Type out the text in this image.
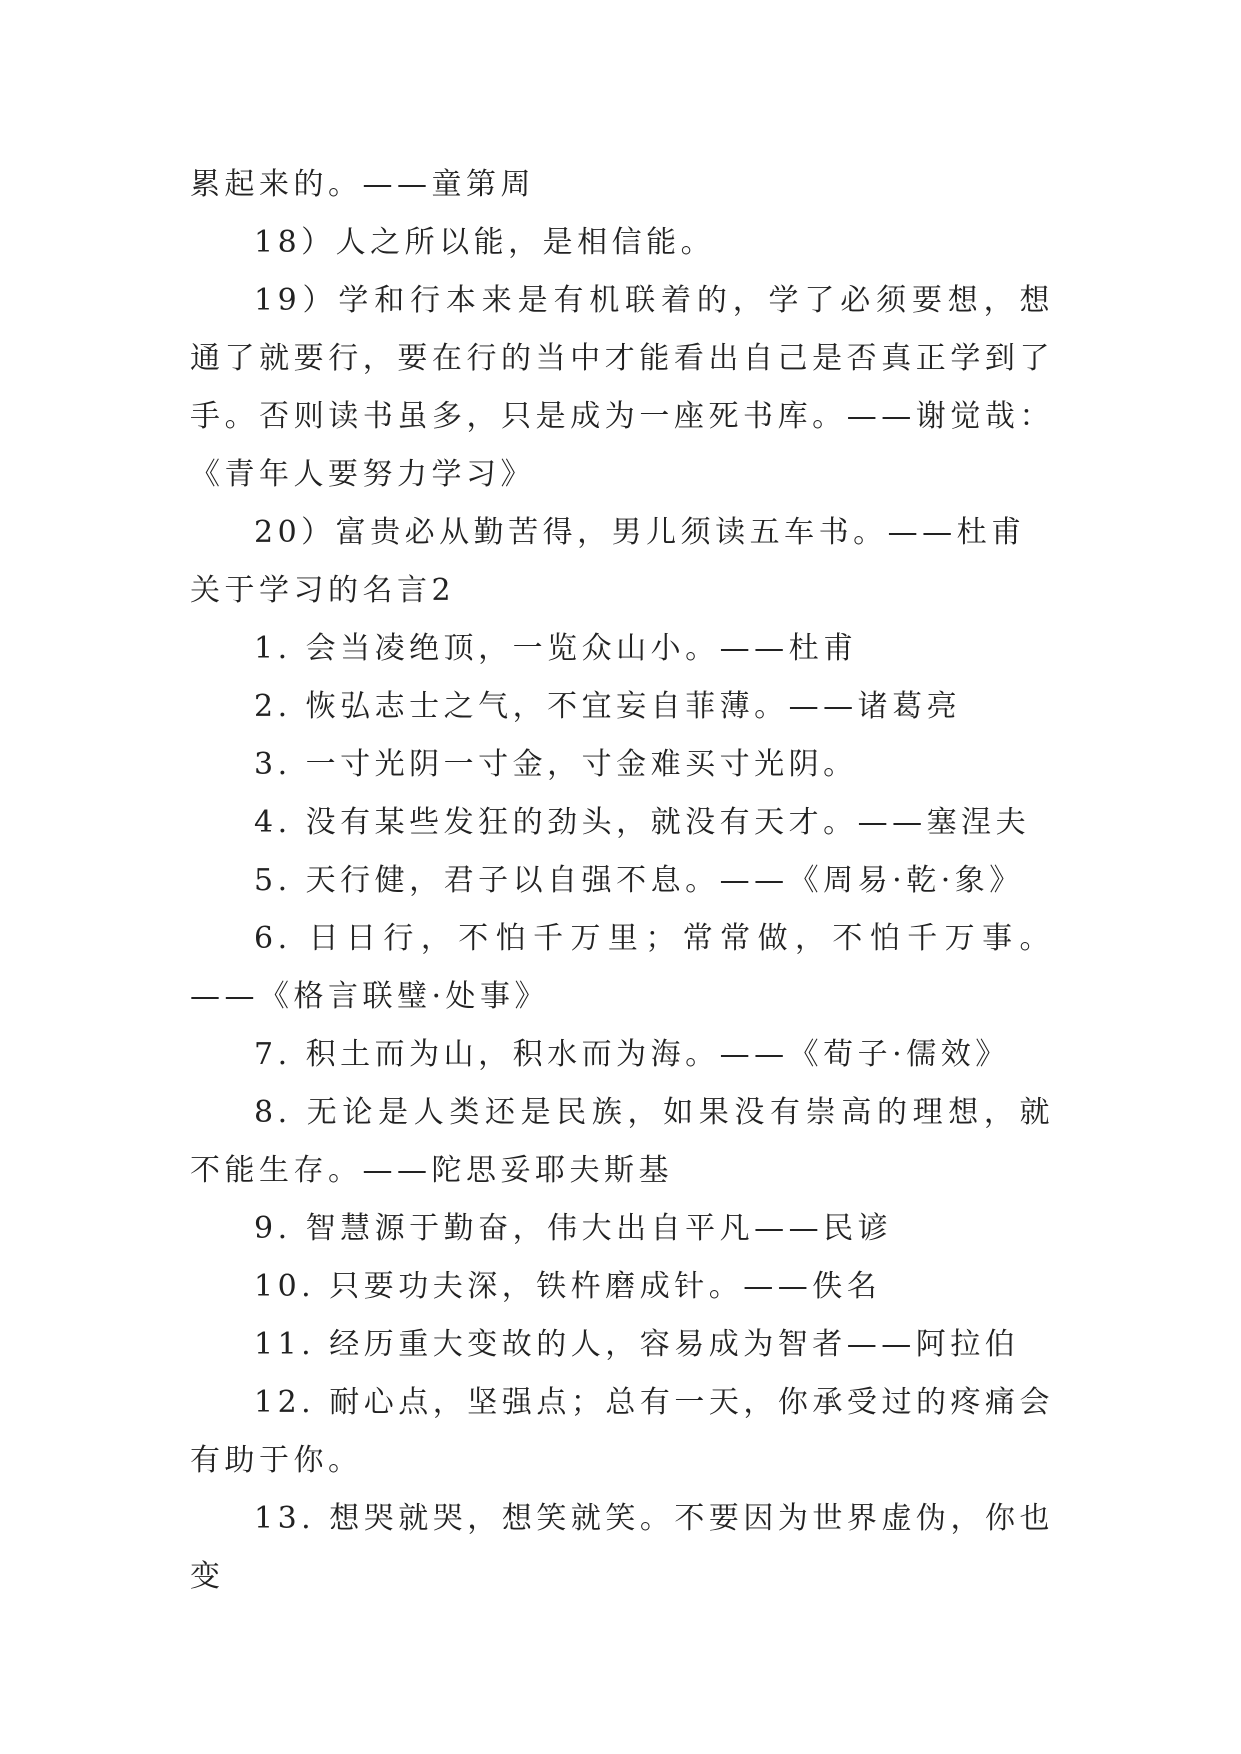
累起来的。——童第周

18）人之所以能，是相信能。

19）学和行本来是有机联着的，学了必须要想，想通了就要行，要在行的当中才能看出自己是否真正学到了手。否则读书虽多，只是成为一座死书库。——谢觉哉：《青年人要努力学习》

20）富贵必从勤苦得，男儿须读五车书。——杜甫

关于学习的名言2

1. 会当凌绝顶，一览众山小。——杜甫

2. 恢弘志士之气，不宜妄自菲薄。——诸葛亮

3. 一寸光阴一寸金，寸金难买寸光阴。

4. 没有某些发狂的劲头，就没有天才。——塞涅夫

5. 天行健，君子以自强不息。——《周易·乾·象》

6. 日日行，不怕千万里；常常做，不怕千万事。——《格言联璧·处事》

7. 积土而为山，积水而为海。——《荀子·儒效》

8. 无论是人类还是民族，如果没有崇高的理想，就不能生存。——陀思妥耶夫斯基

9. 智慧源于勤奋，伟大出自平凡——民谚

10. 只要功夫深，铁杵磨成针。——佚名

11. 经历重大变故的人，容易成为智者——阿拉伯

12. 耐心点，坚强点；总有一天，你承受过的疼痛会有助于你。

13. 想哭就哭，想笑就笑。不要因为世界虚伪，你也变
